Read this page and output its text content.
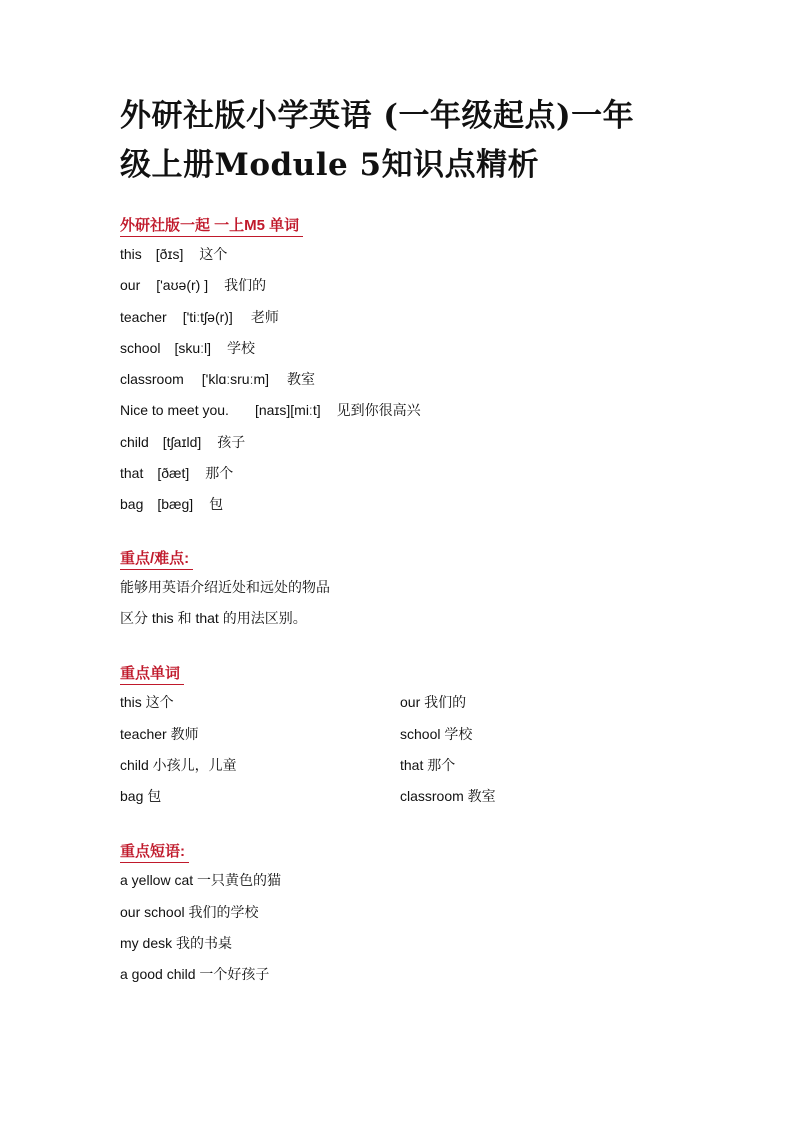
外研社版小学英语 (一年级起点)一年
级上册Module 5知识点精析
外研社版一起 一上M5 单词
this [ðɪs] 这个
our ['aʊə(r) ] 我们的
teacher ['tiːtʃə(r)] 老师
school [skuːl] 学校
classroom ['klɑːsruːm] 教室
Nice to meet you. [naɪs][miːt] 见到你很高兴
child [tʃaɪld] 孩子
that [ðæt] 那个
bag [bæɡ] 包
重点/难点:
能够用英语介绍近处和远处的物品
区分 this 和 that 的用法区别。
重点单词
this 这个	our 我们的
teacher 教师	school 学校
child 小孩儿，儿童	that 那个
bag 包	classroom 教室
重点短语:
a yellow cat 一只黄色的猫
our school 我们的学校
my desk 我的书桌
a good child 一个好孩子
